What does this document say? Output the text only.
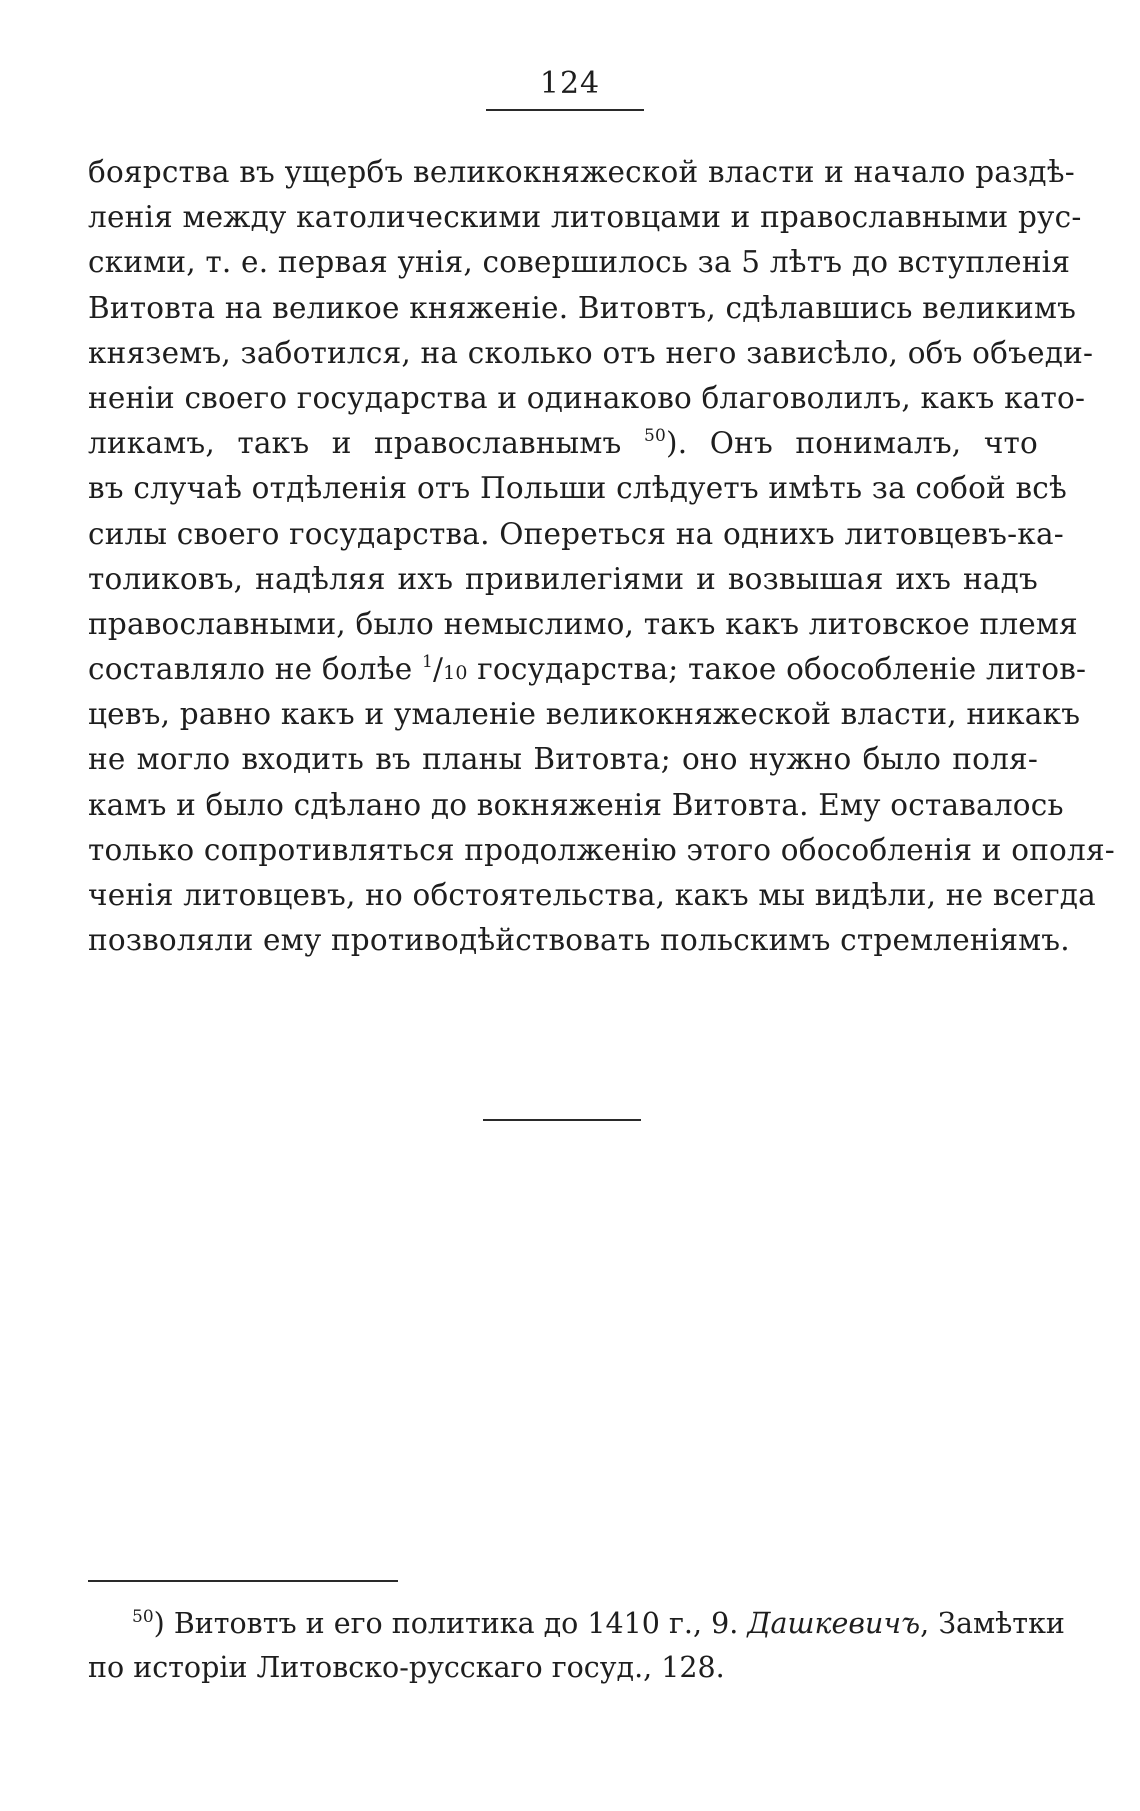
124
боярства въ ущербъ великокняжеской власти и начало раздѣ-
ленія между католическими литовцами и православными рус-
скими, т. е. первая унія, совершилось за 5 лѣтъ до вступленія
Витовта на великое княженіе. Витовтъ, сдѣлавшись великимъ
княземъ, заботился, на сколько отъ него зависѣло, объ объеди-
неніи своего государства и одинаково благоволилъ, какъ като-
ликамъ, такъ и православнымъ $^{50}$). Онъ понималъ, что
въ случаѣ отдѣленія отъ Польши слѣдуетъ имѣть за собой всѣ
силы своего государства. Опереться на однихъ литовцевъ-ка-
толиковъ, надѣляя ихъ привилегіями и возвышая ихъ надъ
православными, было немыслимо, такъ какъ литовское племя
составляло не болѣе $^1$/10 государства; такое обособленіе литов-
цевъ, равно какъ и умаленіе великокняжеской власти, никакъ
не могло входить въ планы Витовта; оно нужно было поля-
камъ и было сдѣлано до вокняженія Витовта. Ему оставалось
только сопротивляться продолженію этого обособленія и ополя-
ченія литовцевъ, но обстоятельства, какъ мы видѣли, не всегда
позволяли ему противодѣйствовать польскимъ стремленіямъ.
$^{50}$) Витовтъ и его политика до 1410 г., 9. Дашкевичъ, Замѣтки
по исторіи Литовско-русскаго госуд., 128.
